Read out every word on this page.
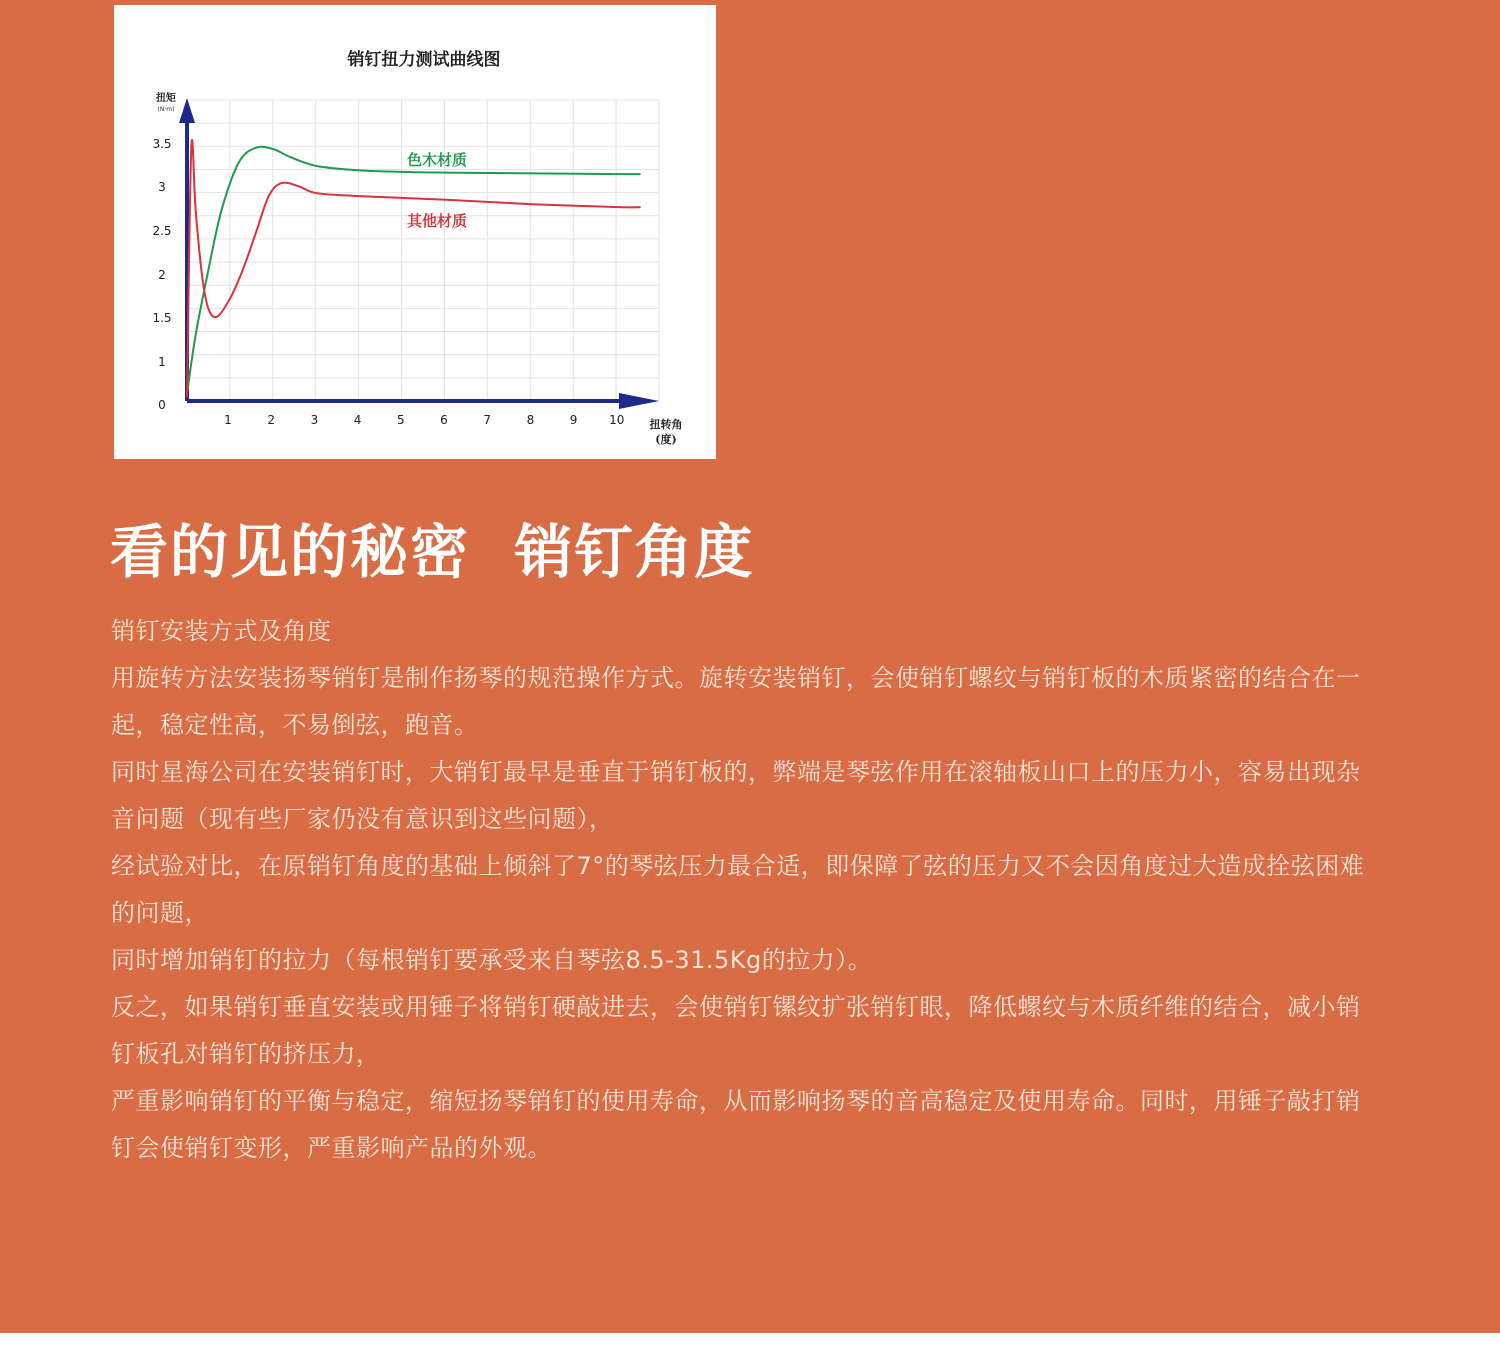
0
1
1.5
2
2.5
3
3.5
1	2	3	4	5	6	7	8	9	10
销钉扭力测试曲线图
扭矩
(N·m)
扭转角
(度)
色木材质
其他材质
看的见的秘密  销钉角度

销钉安装方式及角度

用旋转方法安装扬琴销钉是制作扬琴的规范操作方式。旋转安装销钉，会使销钉螺纹与销钉板的木质紧密的结合在一起，稳定性高，不易倒弦，跑音。

同时星海公司在安装销钉时，大销钉最早是垂直于销钉板的，弊端是琴弦作用在滚轴板山口上的压力小，容易出现杂音问题（现有些厂家仍没有意识到这些问题），

经试验对比，在原销钉角度的基础上倾斜了7°的琴弦压力最合适，即保障了弦的压力又不会因角度过大造成拴弦困难的问题，

同时增加销钉的拉力（每根销钉要承受来自琴弦8.5-31.5Kg的拉力）。

反之，如果销钉垂直安装或用锤子将销钉硬敲进去，会使销钉镙纹扩张销钉眼，降低螺纹与木质纤维的结合，减小销钉板孔对销钉的挤压力，

严重影响销钉的平衡与稳定，缩短扬琴销钉的使用寿命，从而影响扬琴的音高稳定及使用寿命。同时，用锤子敲打销钉会使销钉变形，严重影响产品的外观。
